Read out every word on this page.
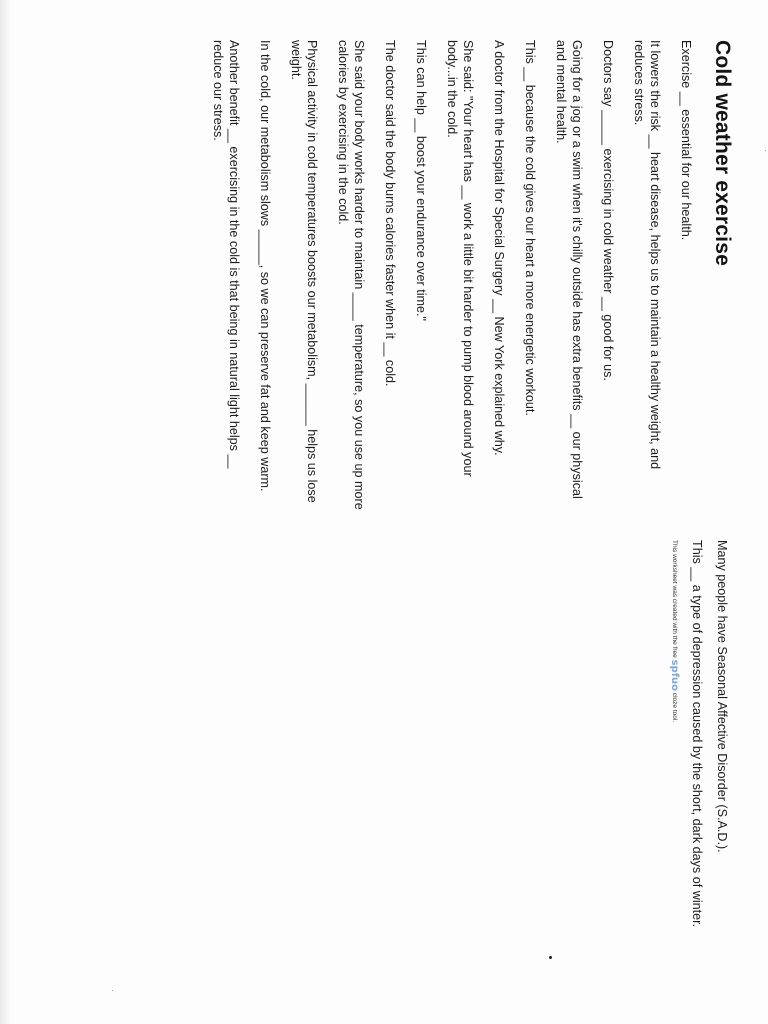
Cold weather exercise

Exercise __ essential for our health.

It lowers the risk __ heart disease, helps us to maintain a healthy weight, and reduces stress.

Doctors say _____ exercising in cold weather __ good for us.

Going for a jog or a swim when it's chilly outside has extra benefits __ our physical and mental health.

This __ because the cold gives our heart a more energetic workout.

A doctor from the Hospital for Special Surgery __ New York explained why.

She said: "Your heart has __ work a little bit harder to pump blood around your body...in the cold.

This can help __ boost your endurance over time."

The doctor said the body burns calories faster when it __ cold.

She said your body works harder to maintain ____ temperature, so you use up more calories by exercising in the cold.

Physical activity in cold temperatures boosts our metabolism, ______ helps us lose weight.

In the cold, our metabolism slows _____, so we can preserve fat and keep warm.

Another benefit __ exercising in the cold is that being in natural light helps __ reduce our stress.

Many people have Seasonal Affective Disorder (S.A.D.).

This __ a type of depression caused by the short, dark days of winter.

This worksheet was created with the free spfuo cloze tool.
